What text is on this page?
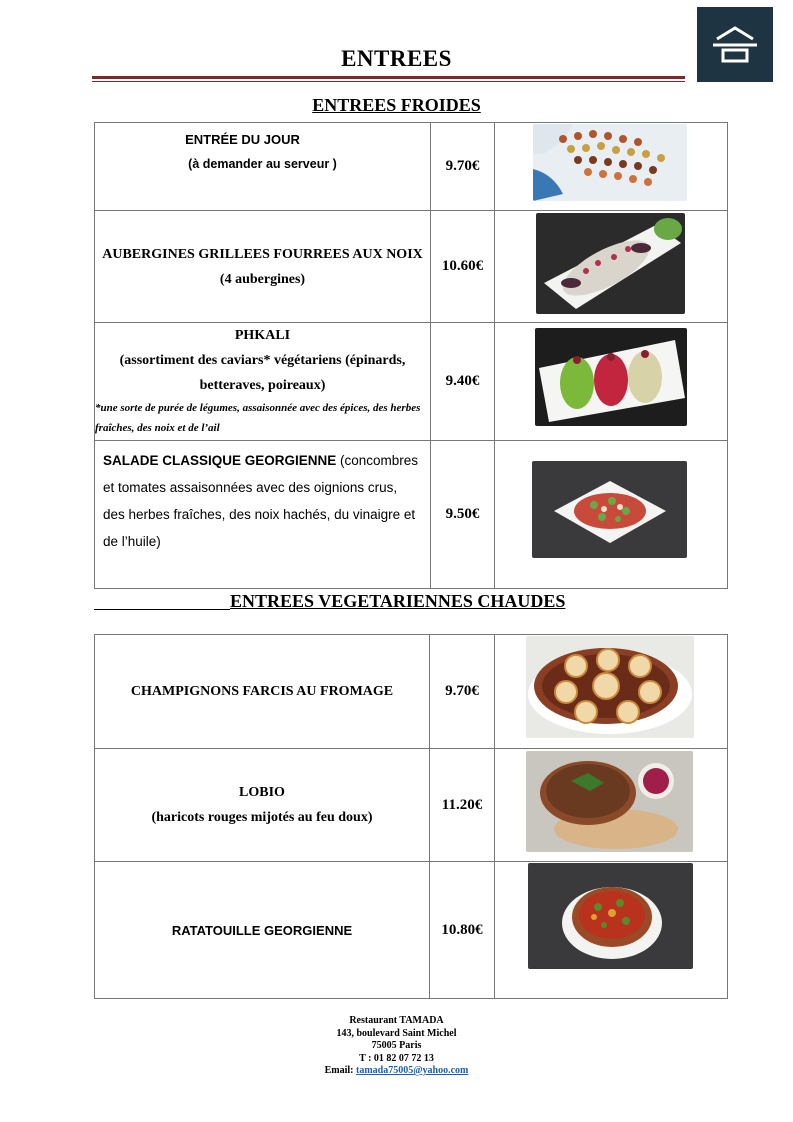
ENTREES
ENTREES FROIDES
ENTRÉE DU JOUR
(à demander au serveur )	9.70€	

AUBERGINES GRILLEES FOURREES AUX NOIX
(4 aubergines)	10.60€	

PHKALI
(assortiment des caviars* végétariens (épinards, betteraves, poireaux)
*une sorte de purée de légumes, assaisonnée avec des épices, des herbes fraîches, des noix et de l’ail	9.40€	

SALADE CLASSIQUE GEORGIENNE (concombres et tomates assaisonnées avec des oignions crus, des herbes fraîches, des noix hachés, du vinaigre et de l’huile)	9.50€	
ENTREES VEGETARIENNES CHAUDES
CHAMPIGNONS FARCIS AU FROMAGE	9.70€	

LOBIO
(haricots rouges mijotés au feu doux)	11.20€	

RATATOUILLE GEORGIENNE	10.80€	
Restaurant TAMADA
143, boulevard Saint Michel
75005 Paris
T : 01 82 07 72 13
Email: tamada75005@yahoo.com
